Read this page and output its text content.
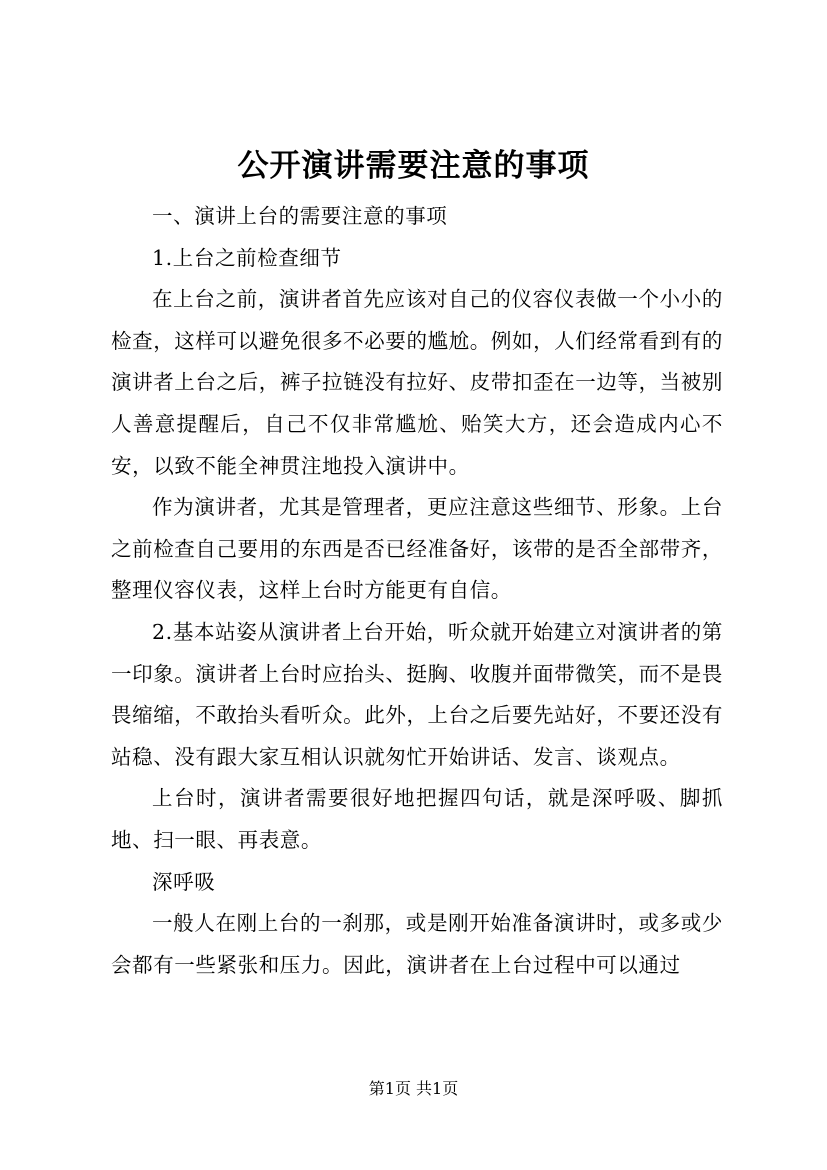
公开演讲需要注意的事项

一、演讲上台的需要注意的事项

1.上台之前检查细节

在上台之前，演讲者首先应该对自己的仪容仪表做一个小小的检查，这样可以避免很多不必要的尴尬。例如，人们经常看到有的演讲者上台之后，裤子拉链没有拉好、皮带扣歪在一边等，当被别人善意提醒后，自己不仅非常尴尬、贻笑大方，还会造成内心不安，以致不能全神贯注地投入演讲中。

作为演讲者，尤其是管理者，更应注意这些细节、形象。上台之前检查自己要用的东西是否已经准备好，该带的是否全部带齐，整理仪容仪表，这样上台时方能更有自信。

2.基本站姿从演讲者上台开始，听众就开始建立对演讲者的第一印象。演讲者上台时应抬头、挺胸、收腹并面带微笑，而不是畏畏缩缩，不敢抬头看听众。此外，上台之后要先站好，不要还没有站稳、没有跟大家互相认识就匆忙开始讲话、发言、谈观点。

上台时，演讲者需要很好地把握四句话，就是深呼吸、脚抓地、扫一眼、再表意。

深呼吸

一般人在刚上台的一刹那，或是刚开始准备演讲时，或多或少会都有一些紧张和压力。因此，演讲者在上台过程中可以通过

第1页 共1页
